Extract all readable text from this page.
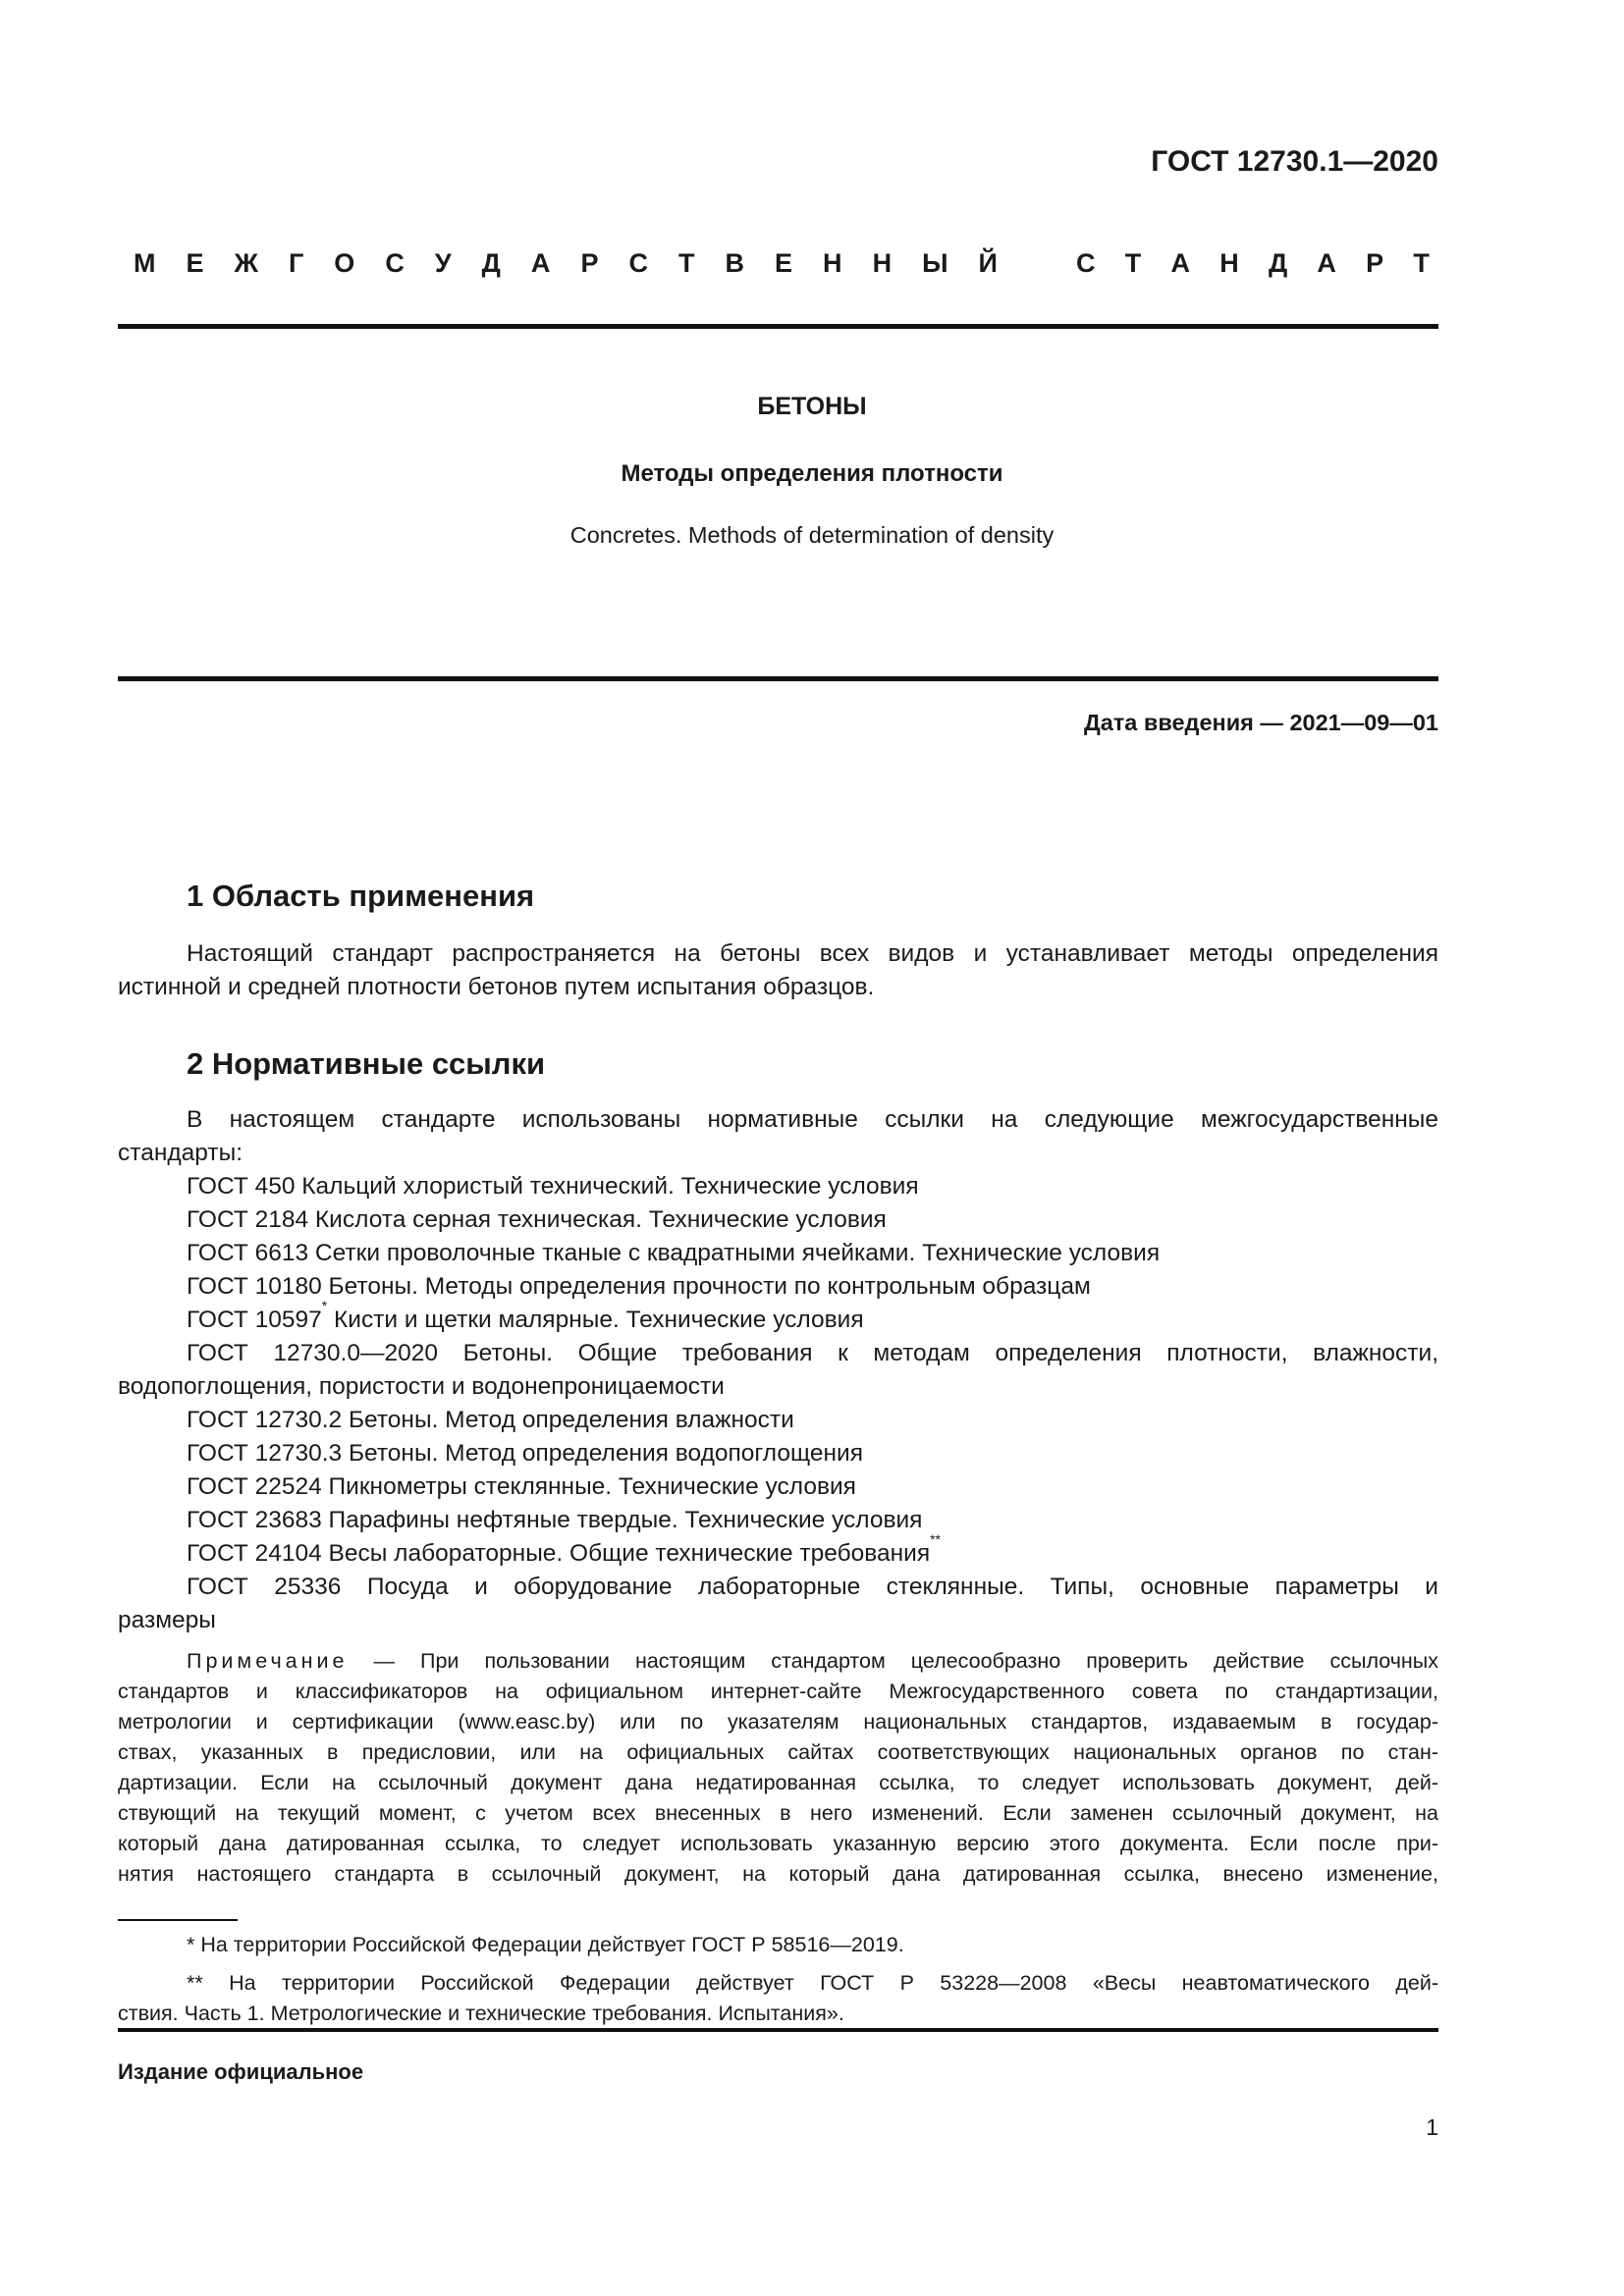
ГОСТ 12730.1—2020
М Е Ж Г О С У Д А Р С Т В Е Н Н Ы Й	С Т А Н Д А Р Т
БЕТОНЫ
Методы определения плотности
Concretes. Methods of determination of density
Дата введения — 2021—09—01
1 Область применения
Настоящий стандарт распространяется на бетоны всех видов и устанавливает методы определения
истинной и средней плотности бетонов путем испытания образцов.
2 Нормативные ссылки
В настоящем стандарте использованы нормативные ссылки на следующие межгосударственные
стандарты:
ГОСТ 450 Кальций хлористый технический. Технические условия
ГОСТ 2184 Кислота серная техническая. Технические условия
ГОСТ 6613 Сетки проволочные тканые с квадратными ячейками. Технические условия
ГОСТ 10180 Бетоны. Методы определения прочности по контрольным образцам
ГОСТ 10597* Кисти и щетки малярные. Технические условия
ГОСТ 12730.0—2020 Бетоны. Общие требования к методам определения плотности, влажности,
водопоглощения, пористости и водонепроницаемости
ГОСТ 12730.2 Бетоны. Метод определения влажности
ГОСТ 12730.3 Бетоны. Метод определения водопоглощения
ГОСТ 22524 Пикнометры стеклянные. Технические условия
ГОСТ 23683 Парафины нефтяные твердые. Технические условия
ГОСТ 24104 Весы лабораторные. Общие технические требования**
ГОСТ 25336 Посуда и оборудование лабораторные стеклянные. Типы, основные параметры и
размеры
Примечание — При пользовании настоящим стандартом целесообразно проверить действие ссылочных
стандартов и классификаторов на официальном интернет-сайте Межгосударственного совета по стандартизации,
метрологии и сертификации (www.easc.by) или по указателям национальных стандартов, издаваемым в государ-
ствах, указанных в предисловии, или на официальных сайтах соответствующих национальных органов по стан-
дартизации. Если на ссылочный документ дана недатированная ссылка, то следует использовать документ, дей-
ствующий на текущий момент, с учетом всех внесенных в него изменений. Если заменен ссылочный документ, на
который дана датированная ссылка, то следует использовать указанную версию этого документа. Если после при-
нятия настоящего стандарта в ссылочный документ, на который дана датированная ссылка, внесено изменение,
* На территории Российской Федерации действует ГОСТ Р 58516—2019.
** На территории Российской Федерации действует ГОСТ Р 53228—2008 «Весы неавтоматического дей-
ствия. Часть 1. Метрологические и технические требования. Испытания».
Издание официальное
1
